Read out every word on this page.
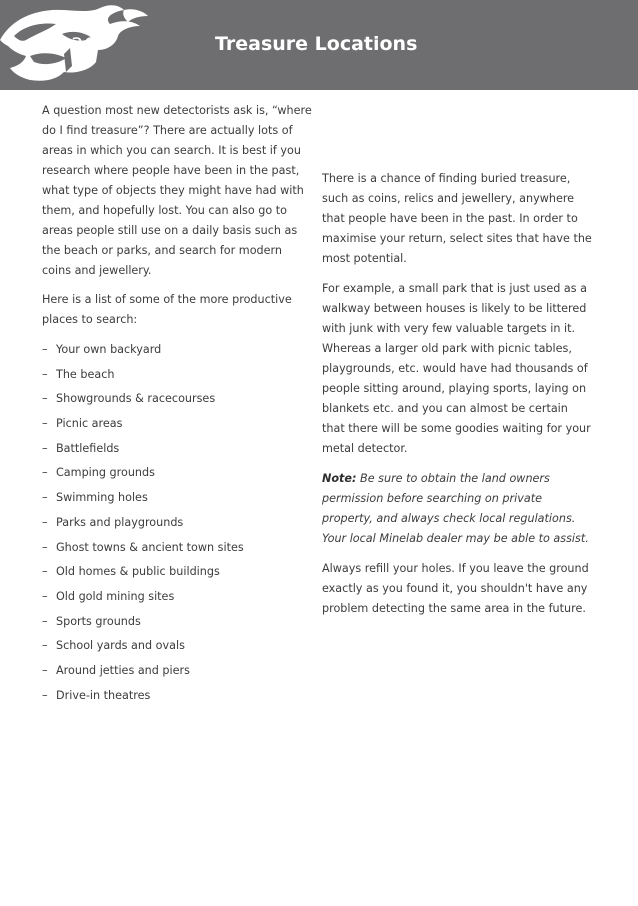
36	Treasure Locations

A question most new detectorists ask is, “where do I find treasure”? There are actually lots of areas in which you can search. It is best if you research where people have been in the past, what type of objects they might have had with them, and hopefully lost. You can also go to areas people still use on a daily basis such as the beach or parks, and search for modern coins and jewellery.

Here is a list of some of the more productive places to search:

– Your own backyard
– The beach
– Showgrounds & racecourses
– Picnic areas
– Battlefields
– Camping grounds
– Swimming holes
– Parks and playgrounds
– Ghost towns & ancient town sites
– Old homes & public buildings
– Old gold mining sites
– Sports grounds
– School yards and ovals
– Around jetties and piers
– Drive-in theatres

There is a chance of finding buried treasure, such as coins, relics and jewellery, anywhere that people have been in the past. In order to maximise your return, select sites that have the most potential.

For example, a small park that is just used as a walkway between houses is likely to be littered with junk with very few valuable targets in it. Whereas a larger old park with picnic tables, playgrounds, etc. would have had thousands of people sitting around, playing sports, laying on blankets etc. and you can almost be certain that there will be some goodies waiting for your metal detector.

Note: Be sure to obtain the land owners permission before searching on private property, and always check local regulations. Your local Minelab dealer may be able to assist.

Always refill your holes. If you leave the ground exactly as you found it, you shouldn't have any problem detecting the same area in the future.
